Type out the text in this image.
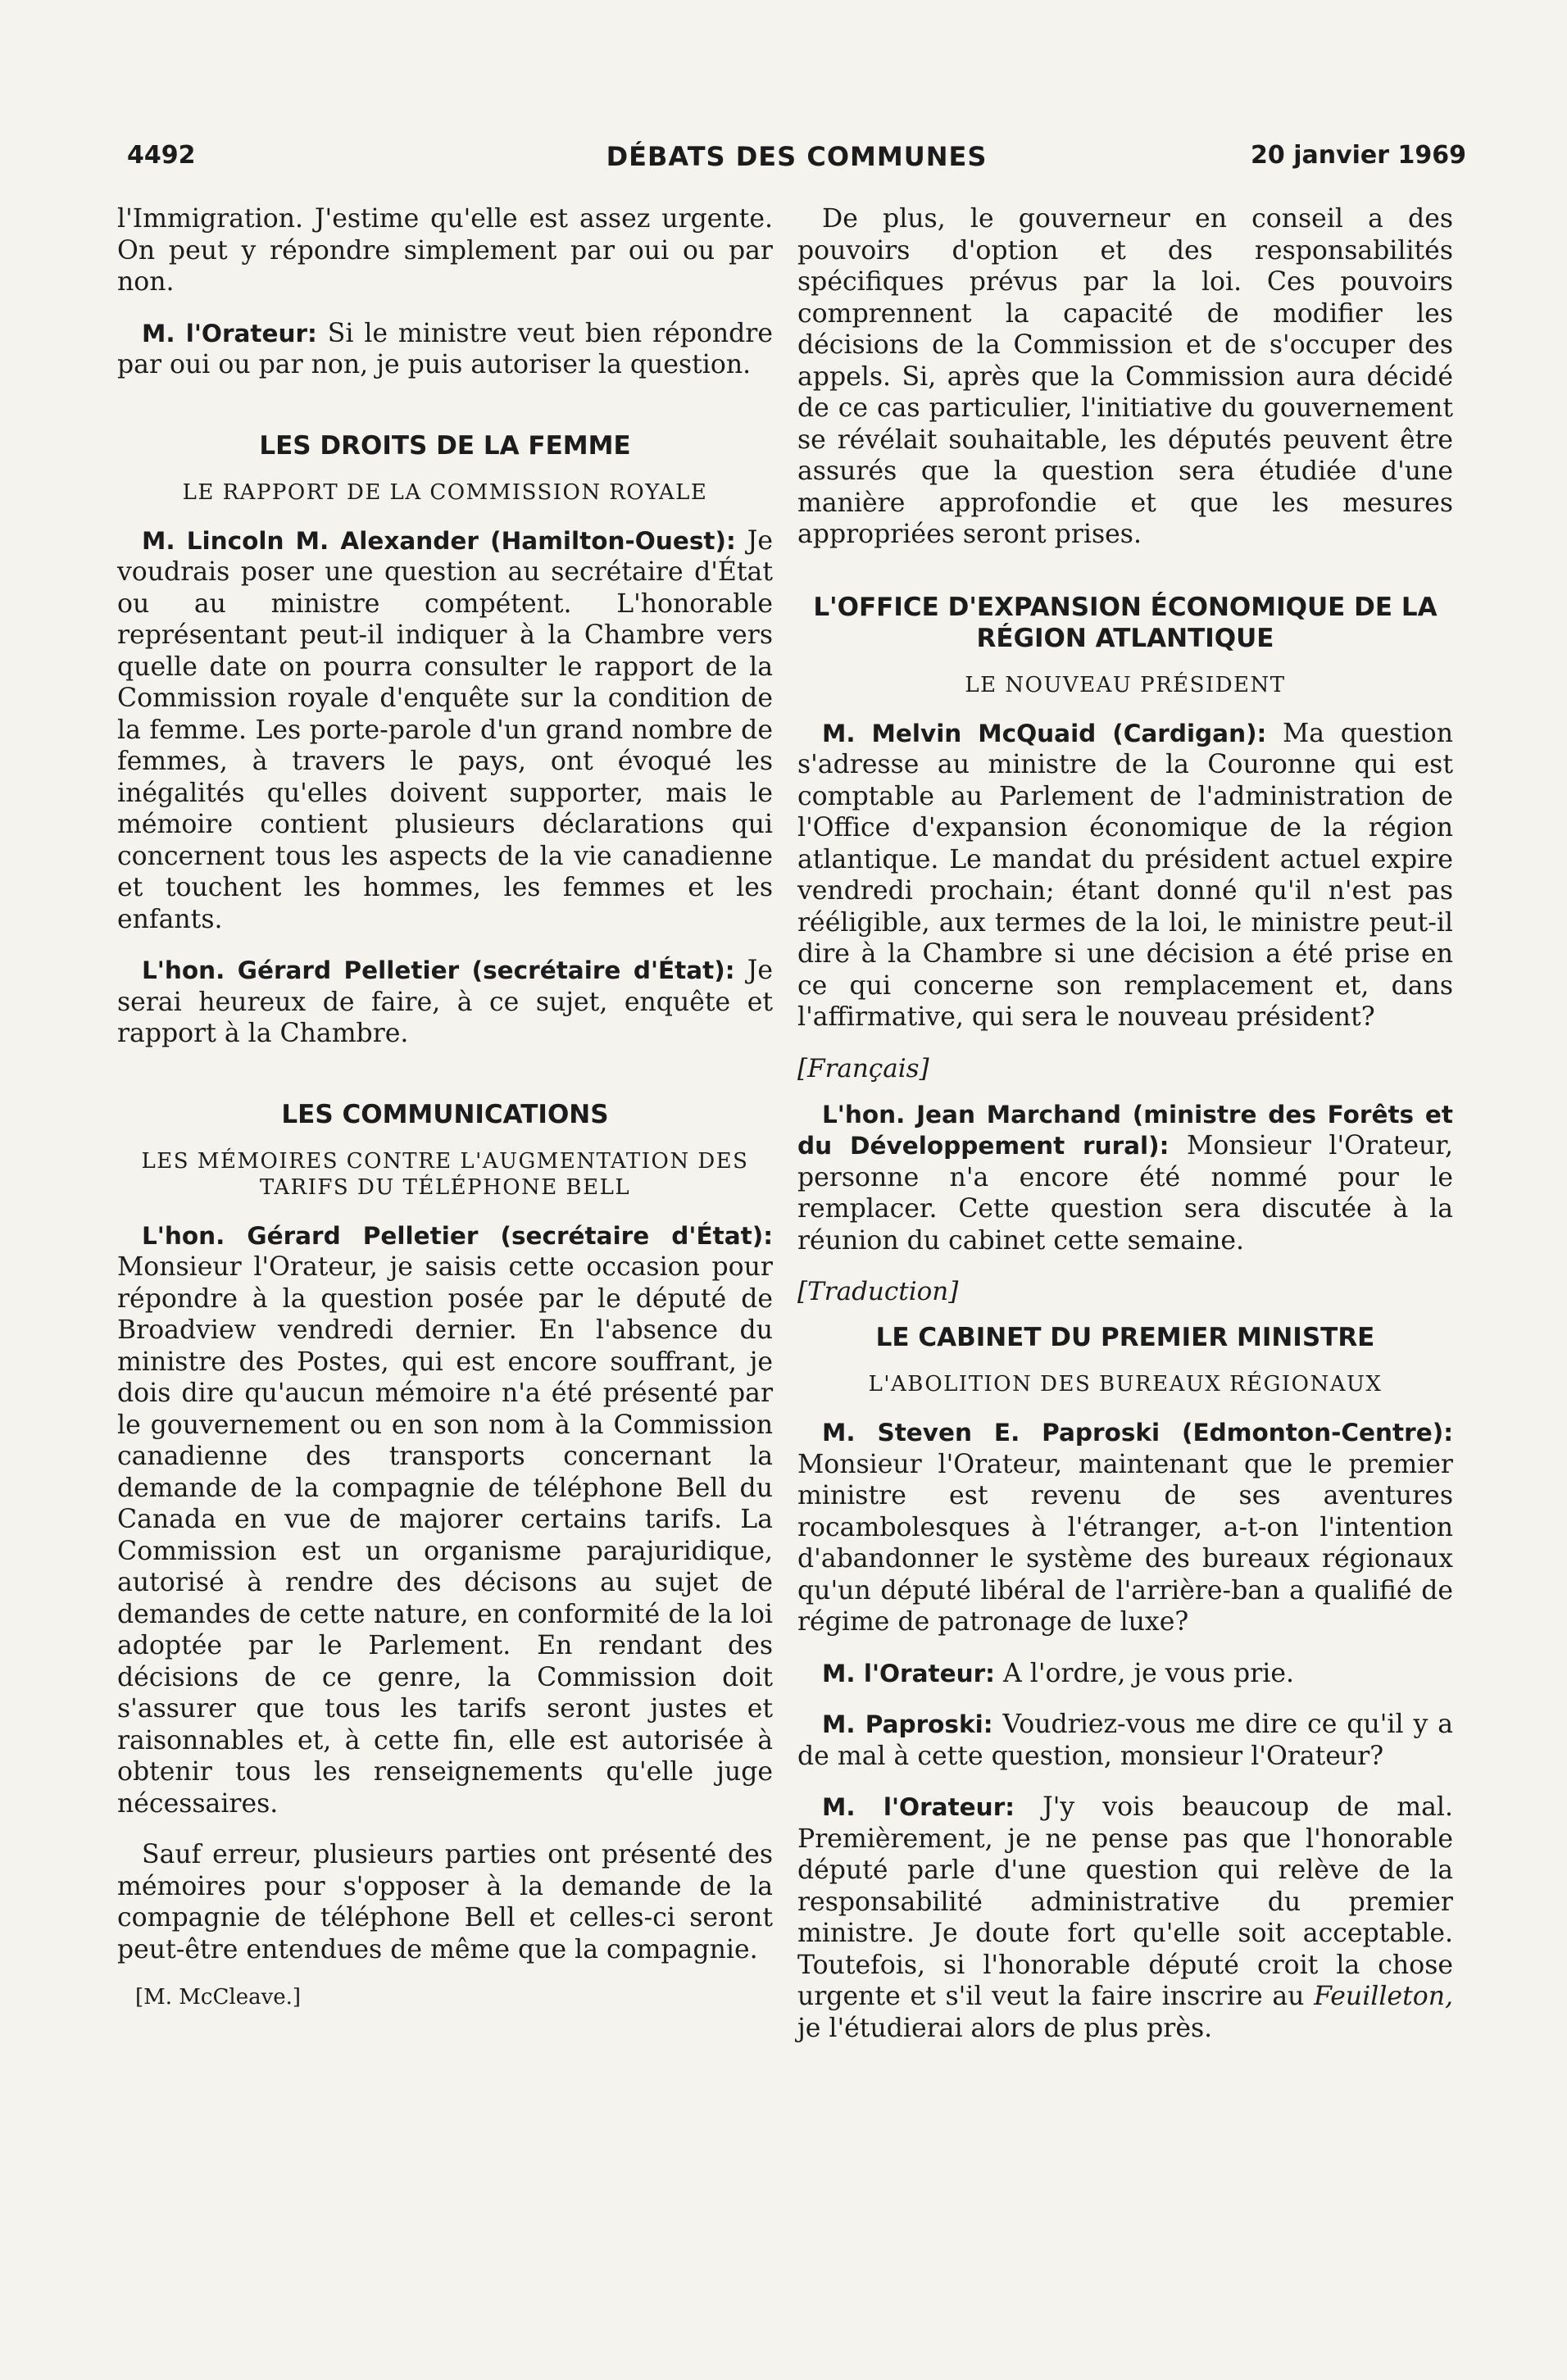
4492	DÉBATS DES COMMUNES	20 janvier 1969

l'Immigration. J'estime qu'elle est assez urgente. On peut y répondre simplement par oui ou par non.

M. l'Orateur: Si le ministre veut bien répondre par oui ou par non, je puis autoriser la question.

LES DROITS DE LA FEMME
LE RAPPORT DE LA COMMISSION ROYALE

M. Lincoln M. Alexander (Hamilton-Ouest): Je voudrais poser une question au secrétaire d'État ou au ministre compétent. L'honorable représentant peut-il indiquer à la Chambre vers quelle date on pourra consulter le rapport de la Commission royale d'enquête sur la condition de la femme. Les porte-parole d'un grand nombre de femmes, à travers le pays, ont évoqué les inégalités qu'elles doivent supporter, mais le mémoire contient plusieurs déclarations qui concernent tous les aspects de la vie canadienne et touchent les hommes, les femmes et les enfants.

L'hon. Gérard Pelletier (secrétaire d'État): Je serai heureux de faire, à ce sujet, enquête et rapport à la Chambre.

LES COMMUNICATIONS
LES MÉMOIRES CONTRE L'AUGMENTATION DES TARIFS DU TÉLÉPHONE BELL

L'hon. Gérard Pelletier (secrétaire d'État): Monsieur l'Orateur, je saisis cette occasion pour répondre à la question posée par le député de Broadview vendredi dernier. En l'absence du ministre des Postes, qui est encore souffrant, je dois dire qu'aucun mémoire n'a été présenté par le gouvernement ou en son nom à la Commission canadienne des transports concernant la demande de la compagnie de téléphone Bell du Canada en vue de majorer certains tarifs. La Commission est un organisme parajuridique, autorisé à rendre des décisons au sujet de demandes de cette nature, en conformité de la loi adoptée par le Parlement. En rendant des décisions de ce genre, la Commission doit s'assurer que tous les tarifs seront justes et raisonnables et, à cette fin, elle est autorisée à obtenir tous les renseignements qu'elle juge nécessaires.

Sauf erreur, plusieurs parties ont présenté des mémoires pour s'opposer à la demande de la compagnie de téléphone Bell et celles-ci seront peut-être entendues de même que la compagnie.

[M. McCleave.]

De plus, le gouverneur en conseil a des pouvoirs d'option et des responsabilités spécifiques prévus par la loi. Ces pouvoirs comprennent la capacité de modifier les décisions de la Commission et de s'occuper des appels. Si, après que la Commission aura décidé de ce cas particulier, l'initiative du gouvernement se révélait souhaitable, les députés peuvent être assurés que la question sera étudiée d'une manière approfondie et que les mesures appropriées seront prises.

L'OFFICE D'EXPANSION ÉCONOMIQUE DE LA RÉGION ATLANTIQUE
LE NOUVEAU PRÉSIDENT

M. Melvin McQuaid (Cardigan): Ma question s'adresse au ministre de la Couronne qui est comptable au Parlement de l'administration de l'Office d'expansion économique de la région atlantique. Le mandat du président actuel expire vendredi prochain; étant donné qu'il n'est pas rééligible, aux termes de la loi, le ministre peut-il dire à la Chambre si une décision a été prise en ce qui concerne son remplacement et, dans l'affirmative, qui sera le nouveau président?

[Français]

L'hon. Jean Marchand (ministre des Forêts et du Développement rural): Monsieur l'Orateur, personne n'a encore été nommé pour le remplacer. Cette question sera discutée à la réunion du cabinet cette semaine.

[Traduction]
LE CABINET DU PREMIER MINISTRE
L'ABOLITION DES BUREAUX RÉGIONAUX

M. Steven E. Paproski (Edmonton-Centre): Monsieur l'Orateur, maintenant que le premier ministre est revenu de ses aventures rocambolesques à l'étranger, a-t-on l'intention d'abandonner le système des bureaux régionaux qu'un député libéral de l'arrière-ban a qualifié de régime de patronage de luxe?

M. l'Orateur: A l'ordre, je vous prie.

M. Paproski: Voudriez-vous me dire ce qu'il y a de mal à cette question, monsieur l'Orateur?

M. l'Orateur: J'y vois beaucoup de mal. Premièrement, je ne pense pas que l'honorable député parle d'une question qui relève de la responsabilité administrative du premier ministre. Je doute fort qu'elle soit acceptable. Toutefois, si l'honorable député croit la chose urgente et s'il veut la faire inscrire au Feuilleton, je l'étudierai alors de plus près.
